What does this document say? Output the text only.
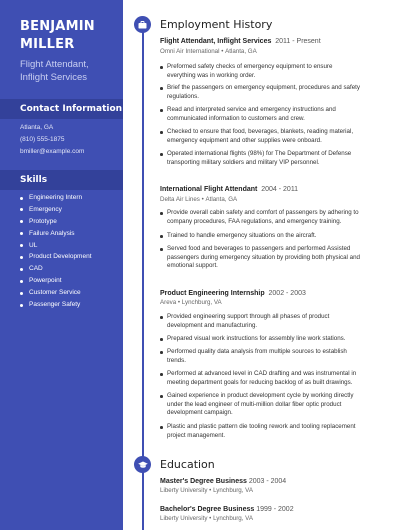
BENJAMIN
MILLER
Flight Attendant,
Inflight Services
Contact Information
Atlanta, GA
(810) 555-1875
bmiller@example.com
Skills
Engineering Intern
Emergency
Prototype
Failure Analysis
UL
Product Development
CAD
Powerpoint
Customer Service
Passenger Safety
Employment History
Flight Attendant, Inflight Services 2011 - Present
Omni Air International • Atlanta, GA
Preformed safety checks of emergency equipment to ensure
everything was in working order.
Brief the passengers on emergency equipment, procedures and safety
regulations.
Read and interpreted service and emergency instructions and
communicated information to customers and crew.
Checked to ensure that food, beverages, blankets, reading material,
emergency equipment and other supplies were onboard.
Operated international flights (98%) for The Department of Defense
transporting military soldiers and military VIP personnel.
International Flight Attendant 2004 - 2011
Delta Air Lines • Atlanta, GA
Provide overall cabin safety and comfort of passengers by adhering to
company procedures, FAA regulations, and emergency training.
Trained to handle emergency situations on the aircraft.
Served food and beverages to passengers and performed Assisted
passengers during emergency situation by providing both physical and
emotional support.
Product Engineering Internship 2002 - 2003
Areva • Lynchburg, VA
Provided engineering support through all phases of product
development and manufacturing.
Prepared visual work instructions for assembly line work stations.
Performed quality data analysis from multiple sources to establish
trends.
Performed at advanced level in CAD drafting and was instrumental in
meeting department goals for reducing backlog of as built drawings.
Gained experience in product development cycle by working directly
under the lead engineer of multi-million dollar fiber optic product
development campaign.
Plastic and plastic pattern die tooling rework and tooling replacement
project management.
Education
Master's Degree Business 2003 - 2004
Liberty University • Lynchburg, VA
Bachelor's Degree Business 1999 - 2002
Liberty University • Lynchburg, VA
